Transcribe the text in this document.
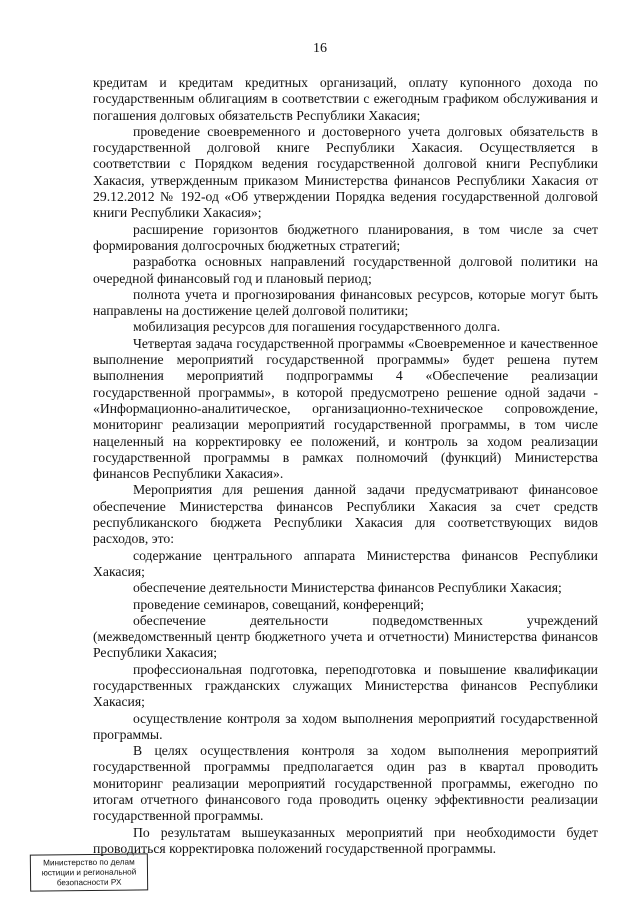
16

кредитам и кредитам кредитных организаций, оплату купонного дохода по государственным облигациям в соответствии с ежегодным графиком обслуживания и погашения долговых обязательств Республики Хакасия;

проведение своевременного и достоверного учета долговых обязательств в государственной долговой книге Республики Хакасия. Осуществляется в соответствии с Порядком ведения государственной долговой книги Республики Хакасия, утвержденным приказом Министерства финансов Республики Хакасия от 29.12.2012 № 192-од «Об утверждении Порядка ведения государственной долговой книги Республики Хакасия»;

расширение горизонтов бюджетного планирования, в том числе за счет формирования долгосрочных бюджетных стратегий;

разработка основных направлений государственной долговой политики на очередной финансовый год и плановый период;

полнота учета и прогнозирования финансовых ресурсов, которые могут быть направлены на достижение целей долговой политики;

мобилизация ресурсов для погашения государственного долга.

Четвертая задача государственной программы «Своевременное и качественное выполнение мероприятий государственной программы» будет решена путем выполнения мероприятий подпрограммы 4 «Обеспечение реализации государственной программы», в которой предусмотрено решение одной задачи - «Информационно-аналитическое, организационно-техническое сопровождение, мониторинг реализации мероприятий государственной программы, в том числе нацеленный на корректировку ее положений, и контроль за ходом реализации государственной программы в рамках полномочий (функций) Министерства финансов Республики Хакасия».

Мероприятия для решения данной задачи предусматривают финансовое обеспечение Министерства финансов Республики Хакасия за счет средств республиканского бюджета Республики Хакасия для соответствующих видов расходов, это:

содержание центрального аппарата Министерства финансов Республики Хакасия;

обеспечение деятельности Министерства финансов Республики Хакасия;

проведение семинаров, совещаний, конференций;

обеспечение деятельности подведомственных учреждений (межведомственный центр бюджетного учета и отчетности) Министерства финансов Республики Хакасия;

профессиональная подготовка, переподготовка и повышение квалификации государственных гражданских служащих Министерства финансов Республики Хакасия;

осуществление контроля за ходом выполнения мероприятий государственной программы.

В целях осуществления контроля за ходом выполнения мероприятий государственной программы предполагается один раз в квартал проводить мониторинг реализации мероприятий государственной программы, ежегодно по итогам отчетного финансового года проводить оценку эффективности реализации государственной программы.

По результатам вышеуказанных мероприятий при необходимости будет проводиться корректировка положений государственной программы.

Министерство по делам
юстиции и региональной
безопасности РХ
